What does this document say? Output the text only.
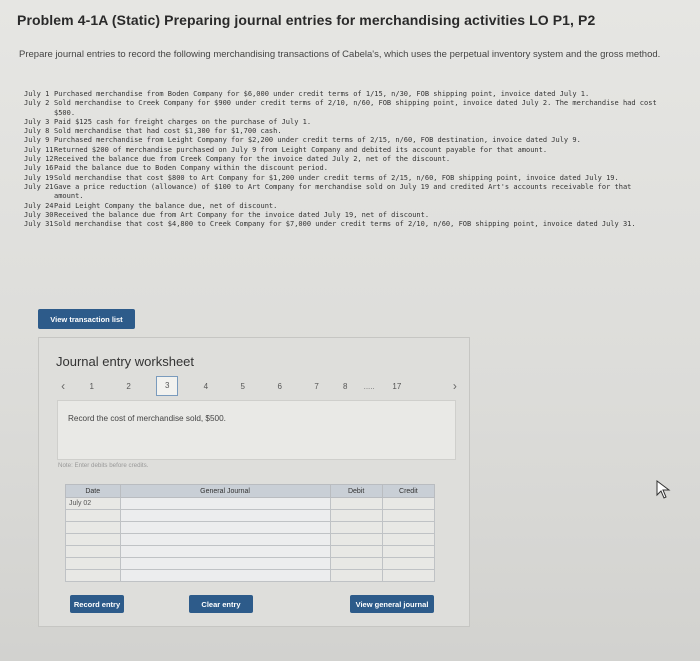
Problem 4-1A (Static) Preparing journal entries for merchandising activities LO P1, P2
Prepare journal entries to record the following merchandising transactions of Cabela's, which uses the perpetual inventory system and the gross method.
July 1 Purchased merchandise from Boden Company for $6,000 under credit terms of 1/15, n/30, FOB shipping point, invoice dated July 1.
July 2 Sold merchandise to Creek Company for $900 under credit terms of 2/10, n/60, FOB shipping point, invoice dated July 2. The merchandise had cost $500.
July 3 Paid $125 cash for freight charges on the purchase of July 1.
July 8 Sold merchandise that had cost $1,300 for $1,700 cash.
July 9 Purchased merchandise from Leight Company for $2,200 under credit terms of 2/15, n/60, FOB destination, invoice dated July 9.
July 11 Returned $200 of merchandise purchased on July 9 from Leight Company and debited its account payable for that amount.
July 12 Received the balance due from Creek Company for the invoice dated July 2, net of the discount.
July 16 Paid the balance due to Boden Company within the discount period.
July 19 Sold merchandise that cost $800 to Art Company for $1,200 under credit terms of 2/15, n/60, FOB shipping point, invoice dated July 19.
July 21 Gave a price reduction (allowance) of $100 to Art Company for merchandise sold on July 19 and credited Art's accounts receivable for that amount.
July 24 Paid Leight Company the balance due, net of discount.
July 30 Received the balance due from Art Company for the invoice dated July 19, net of discount.
July 31 Sold merchandise that cost $4,800 to Creek Company for $7,000 under credit terms of 2/10, n/60, FOB shipping point, invoice dated July 31.
View transaction list
Journal entry worksheet
‹	1	2	3	4	5	6	7	8	.....	17	›

Record the cost of merchandise sold, $500.

Note: Enter debits before credits.
Date	General Journal	Debit	Credit
July 02			

Record entry	Clear entry	View general journal
